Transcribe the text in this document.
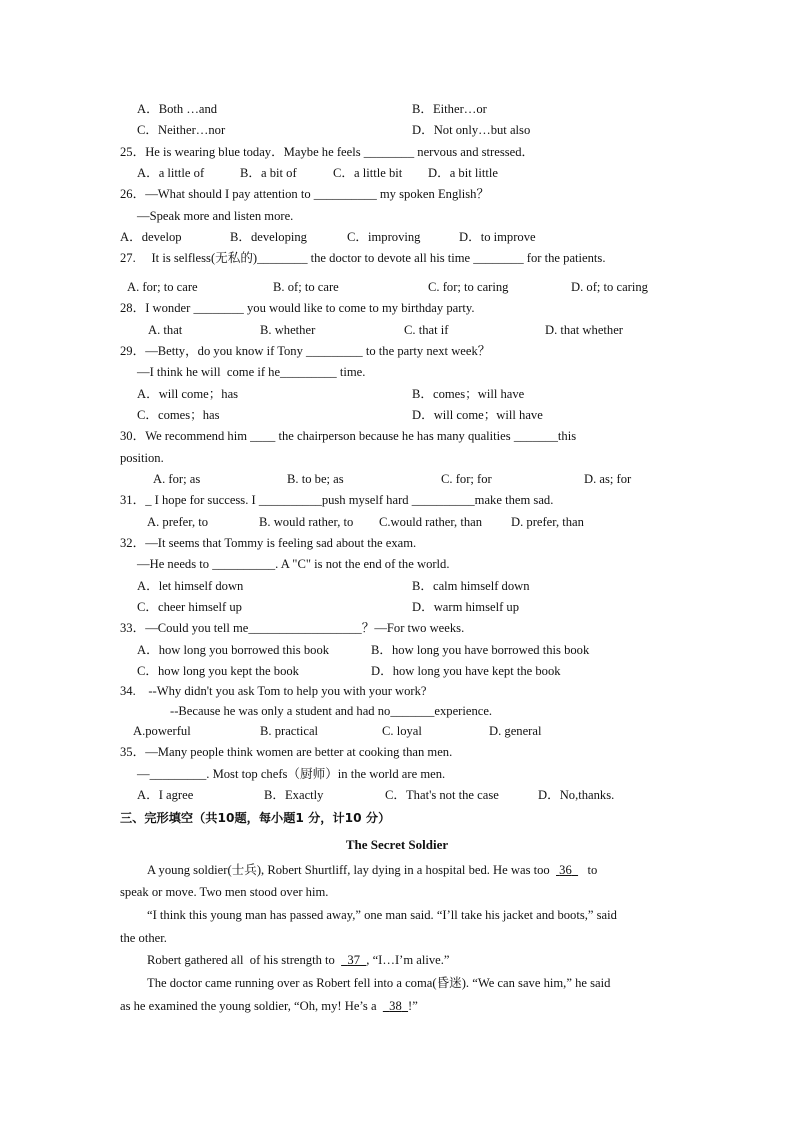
A．Both …and	B．Either…or
C．Neither…nor	D．Not only…but also
25．He is wearing blue today．Maybe he feels ________ nervous and stressed．
A．a little of	B．a bit of	C．a little bit D．a bit little
26．—What should I pay attention to __________ my spoken English？
—Speak more and listen more.
A．develop	B．developing	C．improving	D．to improve
27.     It is selfless(无私的)________ the doctor to devote all his time ________ for the patients.
A. for; to care	B. of; to care	C. for; to caring	D. of; to caring
28．I wonder ________ you would like to come to my birthday party.
A. that	B. whether	C. that if	D. that whether
29．—Betty，do you know if Tony _________ to the party next week？
—I think he will  come if he_________ time.
A．will come；has	B．comes；will have
C．comes；has	D．will come；will have
30．We recommend him ____ the chairperson because he has many qualities _______this
position.
A. for; as	B. to be; as	C. for; for	D. as; for
31．_ I hope for success. I __________push myself hard __________make them sad.
A. prefer, to	B. would rather, to C.would rather, than D. prefer, than
32．—It seems that Tommy is feeling sad about the exam.
—He needs to __________. A "C" is not the end of the world.
A．let himself down	B．calm himself down
C．cheer himself up	D．warm himself up
33．—Could you tell me__________________？—For two weeks.
A．how long you borrowed this book	B．how long you have borrowed this book
C．how long you kept the book	D．how long you have kept the book
34.    --Why didn't you ask Tom to help you with your work?
--Because he was only a student and had no_______experience.
A.powerful	B. practical	C. loyal	D. general
35．—Many people think women are better at cooking than men.
—_________. Most top chefs（厨师）in the world are men.
A．I agree	B．Exactly	C．That's not the case	D．No,thanks.
三、完形填空（共10题，每小题1 分，计10 分）
The Secret Soldier
A young soldier(士兵), Robert Shurtliff, lay dying in a hospital bed. He was too 36 to
speak or move. Two men stood over him.
“I think this young man has passed away,” one man said. “I’ll take his jacket and boots,” said
the other.
Robert gathered all  of his strength to 37 , “I…I’m alive.”
The doctor came running over as Robert fell into a coma(昏迷). “We can save him,” he said
as he examined the young soldier, “Oh, my! He’s a 38 !”
